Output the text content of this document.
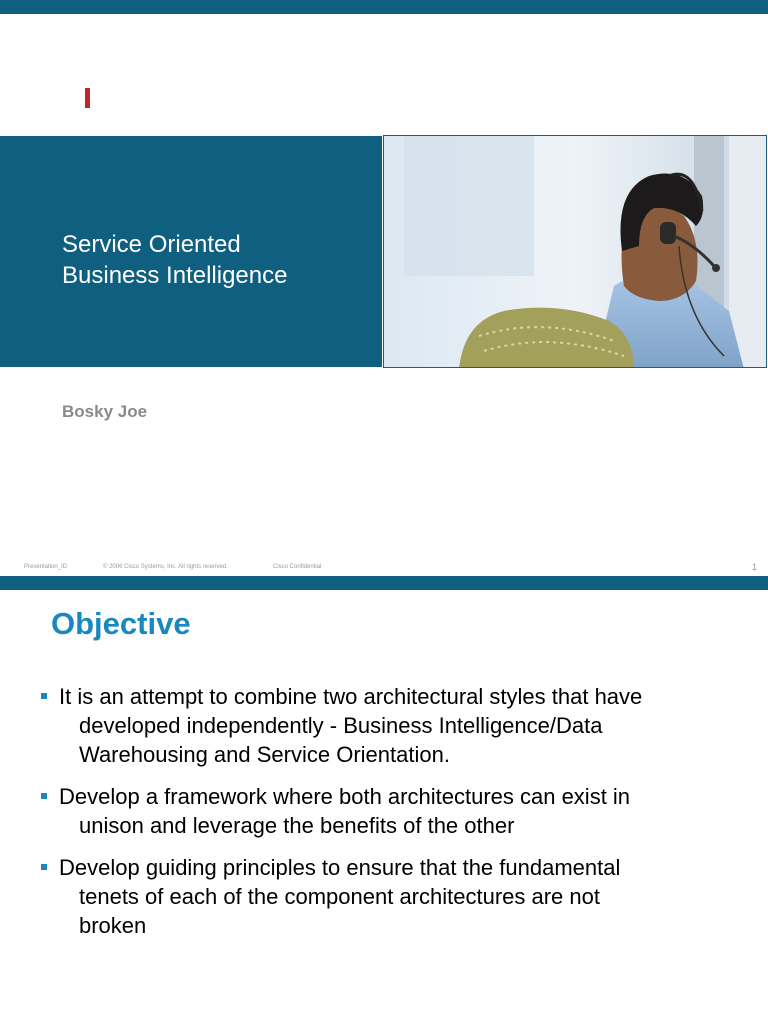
Service Oriented
Business Intelligence
Bosky Joe
Presentation_ID	© 2006 Cisco Systems, Inc. All rights reserved.	Cisco Confidential	1
Objective
It is an attempt to combine two architectural styles that have
developed independently - Business Intelligence/Data
Warehousing and Service Orientation.
Develop a framework where both architectures can exist in
unison and leverage the benefits of the other
Develop guiding principles to ensure that the fundamental
tenets of each of the component architectures are not
broken
